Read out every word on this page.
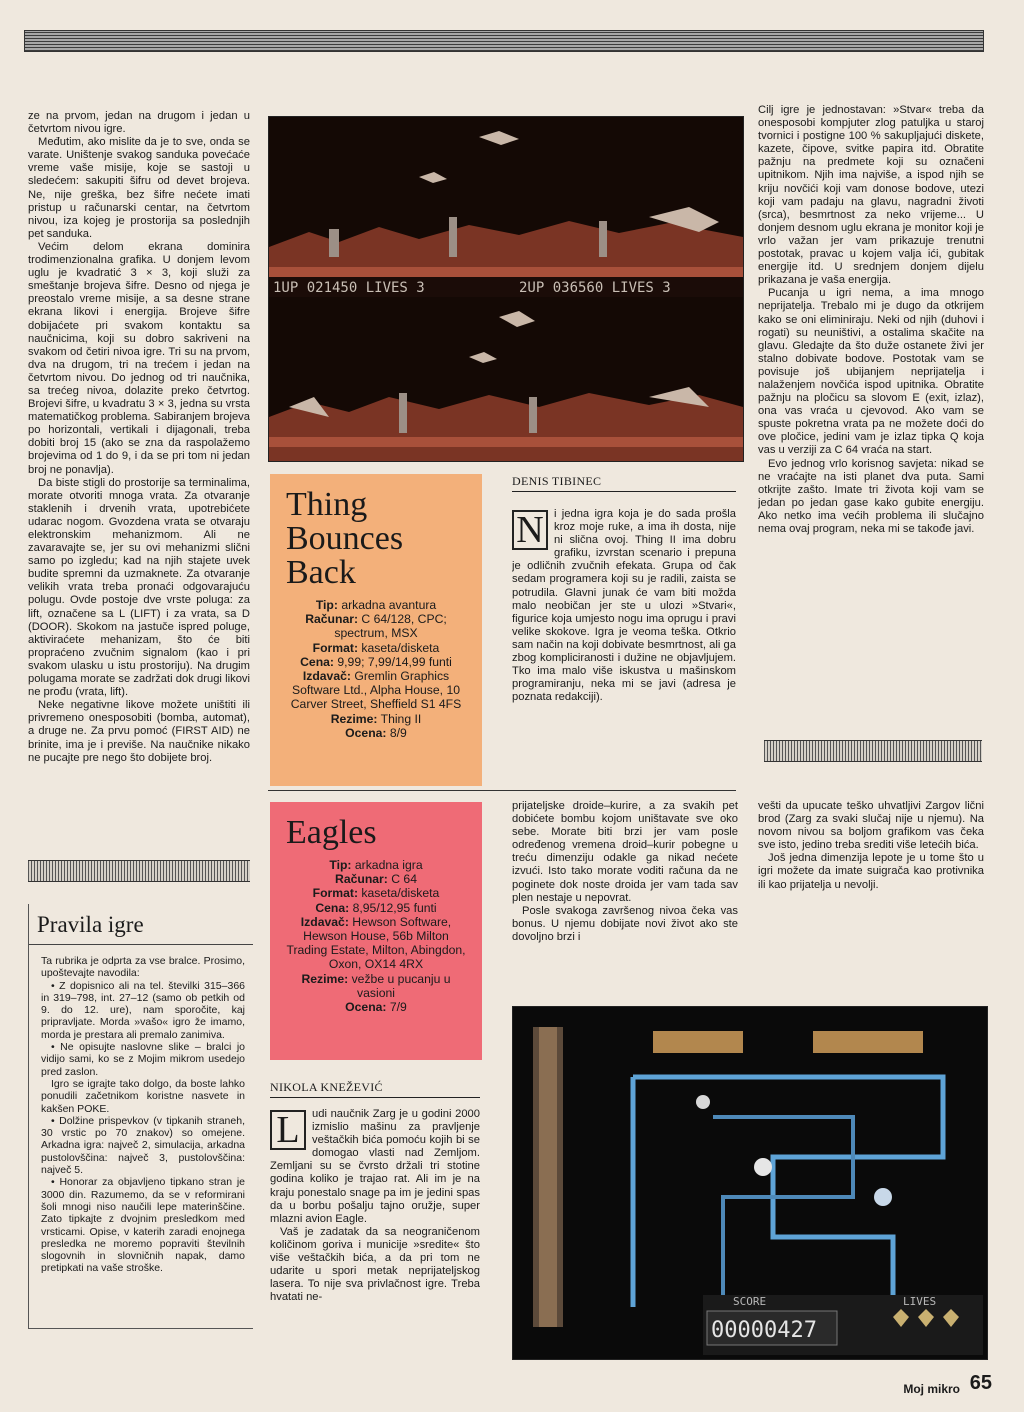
ze na prvom, jedan na drugom i jedan u četvrtom nivou igre.

Međutim, ako mislite da je to sve, onda se varate. Uništenje svakog sanduka povećaće vreme vaše misije, koje se sastoji u sledećem: sakupiti šifru od devet brojeva. Ne, nije greška, bez šifre nećete imati pristup u računarski centar, na četvrtom nivou, iza kojeg je prostorija sa poslednjih pet sanduka.

Većim delom ekrana dominira trodimenzionalna grafika. U donjem levom uglu je kvadratić 3 × 3, koji služi za smeštanje brojeva šifre. Desno od njega je preostalo vreme misije, a sa desne strane ekrana likovi i energija. Brojeve šifre dobijaćete pri svakom kontaktu sa naučnicima, koji su dobro sakriveni na svakom od četiri nivoa igre. Tri su na prvom, dva na drugom, tri na trećem i jedan na četvrtom nivou. Do jednog od tri naučnika, sa trećeg nivoa, dolazite preko četvrtog. Brojevi šifre, u kvadratu 3 × 3, jedna su vrsta matematičkog problema. Sabiranjem brojeva po horizontali, vertikali i dijagonali, treba dobiti broj 15 (ako se zna da raspolažemo brojevima od 1 do 9, i da se pri tom ni jedan broj ne ponavlja).

Da biste stigli do prostorije sa terminalima, morate otvoriti mnoga vrata. Za otvaranje staklenih i drvenih vrata, upotrebićete udarac nogom. Gvozdena vrata se otvaraju elektronskim mehanizmom. Ali ne zavaravajte se, jer su ovi mehanizmi slični samo po izgledu; kad na njih stajete uvek budite spremni da uzmaknete. Za otvaranje velikih vrata treba pronaći odgovarajuću polugu. Ovde postoje dve vrste poluga: za lift, označene sa L (LIFT) i za vrata, sa D (DOOR). Skokom na jastuče ispred poluge, aktiviraćete mehanizam, što će biti propraćeno zvučnim signalom (kao i pri svakom ulasku u istu prostoriju). Na drugim polugama morate se zadržati dok drugi likovi ne prođu (vrata, lift).

Neke negativne likove možete uništiti ili privremeno onesposobiti (bomba, automat), a druge ne. Za prvu pomoć (FIRST AID) ne brinite, ima je i previše. Na naučnike nikako ne pucajte pre nego što dobijete broj.

1UP 021450 LIVES 3	2UP 036560 LIVES 3

Cilj igre je jednostavan: »Stvar« treba da onesposobi kompjuter zlog patuljka u staroj tvornici i postigne 100 % sakupljajući diskete, kazete, čipove, svitke papira itd. Obratite pažnju na predmete koji su označeni upitnikom. Njih ima najviše, a ispod njih se kriju novčići koji vam donose bodove, utezi koji vam padaju na glavu, nagradni životi (srca), besmrtnost za neko vrijeme... U donjem desnom uglu ekrana je monitor koji je vrlo važan jer vam prikazuje trenutni postotak, pravac u kojem valja ići, gubitak energije itd. U srednjem donjem dijelu prikazana je vaša energija.

Pucanja u igri nema, a ima mnogo neprijatelja. Trebalo mi je dugo da otkrijem kako se oni eliminiraju. Neki od njih (duhovi i rogati) su neuništivi, a ostalima skačite na glavu. Gledajte da što duže ostanete živi jer stalno dobivate bodove. Postotak vam se povisuje još ubijanjem neprijatelja i nalaženjem novčića ispod upitnika. Obratite pažnju na pločicu sa slovom E (exit, izlaz), ona vas vraća u cjevovod. Ako vam se spuste pokretna vrata pa ne možete doći do ove pločice, jedini vam je izlaz tipka Q koja vas u verziji za C 64 vraća na start.

Evo jednog vrlo korisnog savjeta: nikad se ne vraćajte na isti planet dva puta. Sami otkrijte zašto. Imate tri života koji vam se jedan po jedan gase kako gubite energiju. Ako netko ima većih problema ili slučajno nema ovaj program, neka mi se takođe javi.

Thing
Bounces
Back
Tip: arkadna avantura
Računar: C 64/128, CPC; spectrum, MSX
Format: kaseta/disketa
Cena: 9,99; 7,99/14,99 funti
Izdavač: Gremlin Graphics Software Ltd., Alpha House, 10 Carver Street, Sheffield S1 4FS
Rezime: Thing II
Ocena: 8/9
DENIS TIBINEC
N i jedna igra koja je do sada prošla kroz moje ruke, a ima ih dosta, nije ni slična ovoj. Thing II ima dobru grafiku, izvrstan scenario i prepuna je odličnih zvučnih efekata. Grupa od čak sedam programera koji su je radili, zaista se potrudila. Glavni junak će vam biti možda malo neobičan jer ste u ulozi »Stvari«, figurice koja umjesto nogu ima oprugu i pravi velike skokove. Igra je veoma teška. Otkrio sam način na koji dobivate besmrtnost, ali ga zbog kompliciranosti i dužine ne objavljujem. Tko ima malo više iskustva u mašinskom programiranju, neka mi se javi (adresa je poznata redakciji).
Eagles
Tip: arkadna igra
Računar: C 64
Format: kaseta/disketa
Cena: 8,95/12,95 funti
Izdavač: Hewson Software, Hewson House, 56b Milton Trading Estate, Milton, Abingdon, Oxon, OX14 4RX
Rezime: vežbe u pucanju u vasioni
Ocena: 7/9
NIKOLA KNEŽEVIĆ
L	udi naučnik Zarg je u godini 2000 izmislio mašinu za pravljenje veštačkih bića pomoću kojih bi se domogao vlasti nad Zemljom. Zemljani su se čvrsto držali tri stotine godina koliko je trajao rat. Ali im je na kraju ponestalo snage pa im je jedini spas da u borbu pošalju tajno oružje, super mlazni avion Eagle.

Vaš je zadatak da sa neograničenom količinom goriva i municije »sredite« što više veštačkih bića, a da pri tom ne udarite u spori metak neprijateljskog lasera. To nije sva privlačnost igre. Treba hvatati ne-

prijateljske droide–kurire, a za svakih pet dobićete bombu kojom uništavate sve oko sebe. Morate biti brzi jer vam posle određenog vremena droid–kurir pobegne u treću dimenziju odakle ga nikad nećete izvući. Isto tako morate voditi računa da ne poginete dok noste droida jer vam tada sav plen nestaje u nepovrat.

Posle svakoga završenog nivoa čeka vas bonus. U njemu dobijate novi život ako ste dovoljno brzi i

vešti da upucate teško uhvatljivi Zargov lični brod (Zarg za svaki slučaj nije u njemu). Na novom nivou sa boljom grafikom vas čeka sve isto, jedino treba srediti više letećih bića.

Još jedna dimenzija lepote je u tome što u igri možete da imate suigrača kao protivnika ili kao prijatelja u nevolji.

SCORE	LIVES
00000427
Pravila igre

Ta rubrika je odprta za vse bralce. Prosimo, upoštevajte navodila:

• Z dopisnico ali na tel. številki 315–366 in 319–798, int. 27–12 (samo ob petkih od 9. do 12. ure), nam sporočite, kaj pripravljate. Morda »vašo« igro že imamo, morda je prestara ali premalo zanimiva.

• Ne opisujte naslovne slike – bralci jo vidijo sami, ko se z Mojim mikrom usedejo pred zaslon.

Igro se igrajte tako dolgo, da boste lahko ponudili začetnikom koristne nasvete in kakšen POKE.

• Dolžine prispevkov (v tipkanih straneh, 30 vrstic po 70 znakov) so omejene. Arkadna igra: največ 2, simulacija, arkadna pustolovščina: največ 3, pustolovščina: največ 5.

• Honorar za objavljeno tipkano stran je 3000 din. Razumemo, da se v reformirani šoli mnogi niso naučili lepe materinščine. Zato tipkajte z dvojnim presledkom med vrsticami. Opise, v katerih zaradi enojnega presledka ne moremo popraviti številnih slogovnih in slovničnih napak, damo pretipkati na vaše stroške.

Moj mikro 65
